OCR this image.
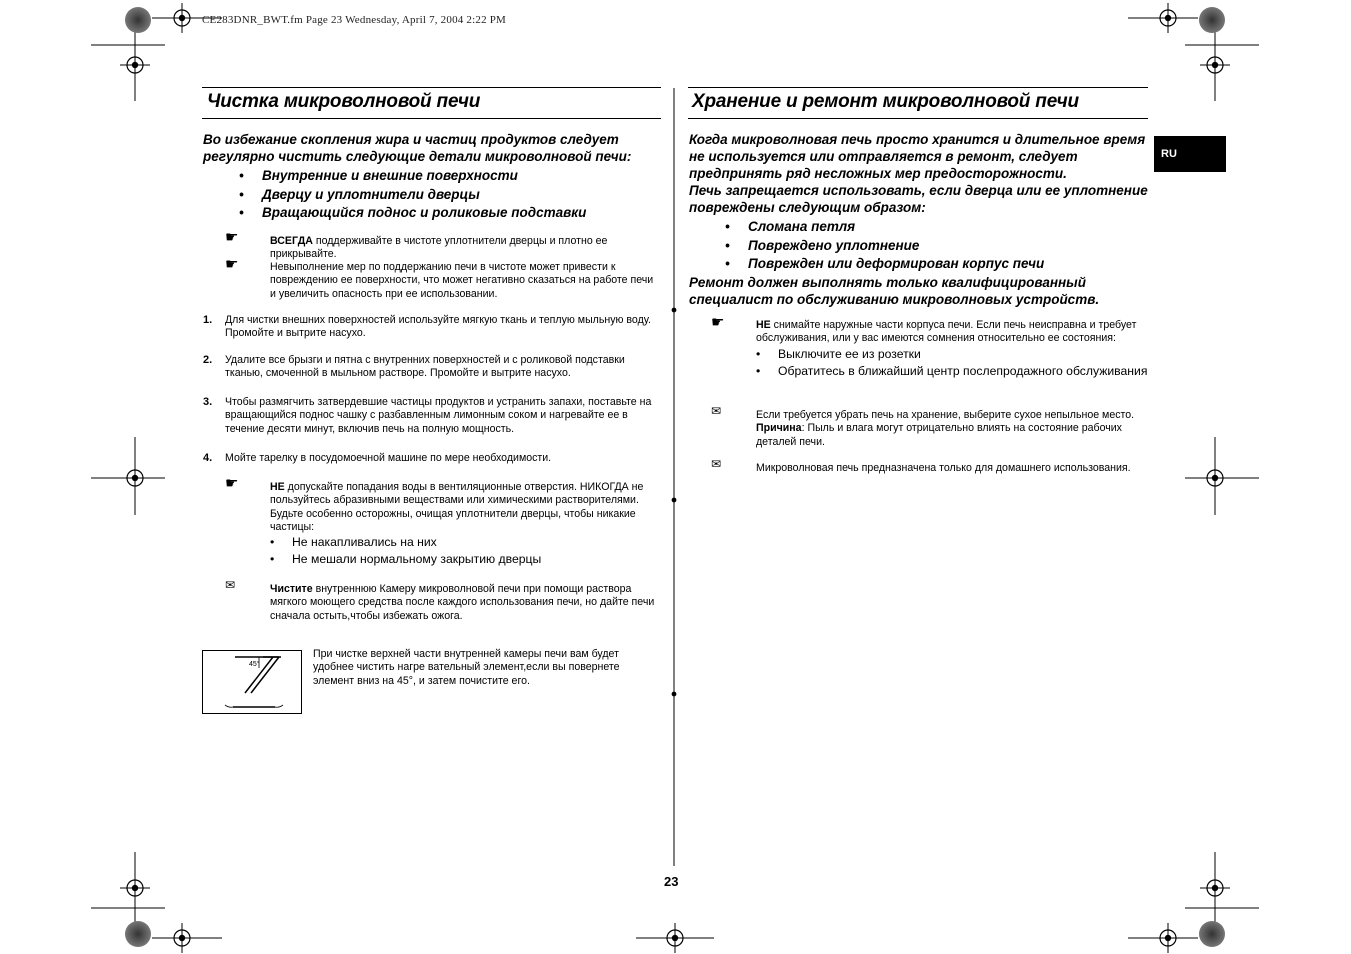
CE283DNR_BWT.fm Page 23 Wednesday, April 7, 2004 2:22 PM
Чистка микроволновой печи
Во избежание скопления жира и частиц продуктов следует регулярно чистить следующие детали микроволновой печи:
• Внутренние и внешние поверхности
• Дверцу и уплотнители дверцы
• Вращающийся поднос и роликовые подставки
☛	ВСЕГДА поддерживайте в чистоте уплотнители дверцы и плотно ее прикрывайте.
☛	Невыполнение мер по поддержанию печи в чистоте может привести к повреждению ее поверхности, что может негативно сказаться на работе печи и увеличить опасность при ее использовании.
1. Для чистки внешних поверхностей используйте мягкую ткань и теплую мыльную воду. Промойте и вытрите насухо.
2. Удалите все брызги и пятна с внутренних поверхностей и с роликовой подставки тканью, смоченной в мыльном растворе. Промойте и вытрите насухо.
3. Чтобы размягчить затвердевшие частицы продуктов и устранить запахи, поставьте на вращающийся поднос чашку с разбавленным лимонным соком и нагревайте ее в течение десяти минут, включив печь на полную мощность.
4. Мойте тарелку в посудомоечной машине по мере необходимости.
☛	НЕ допускайте попадания воды в вентиляционные отверстия. НИКОГДА не пользуйтесь абразивными веществами или химическими растворителями. Будьте особенно осторожны, очищая уплотнители дверцы, чтобы никакие частицы:
• Не накапливались на них
• Не мешали нормальному закрытию дверцы
✉	Чистите внутреннюю Камеру микроволновой печи при помощи раствора мягкого моющего средства после каждого использования печи, но дайте печи сначала остыть,чтобы избежать ожога.
45°
При чистке верхней части внутренней камеры печи вам будет удобнее чистить нагре вательный элемент,если вы повернете элемент вниз на 45°, и затем почистите его.
Хранение и ремонт микроволновой печи
RU
Когда микроволновая печь просто хранится и длительное время не используется или отправляется в ремонт, следует предпринять ряд несложных мер предосторожности.
Печь запрещается использовать, если дверца или ее уплотнение повреждены следующим образом:
• Сломана петля
• Повреждено уплотнение
• Поврежден или деформирован корпус печи
Ремонт должен выполнять только квалифицированный специалист по обслуживанию микроволновых устройств.
☛	НЕ снимайте наружные части корпуса печи. Если печь неисправна и требует обслуживания, или у вас имеются сомнения относительно ее состояния:
• Выключите ее из розетки
• Обратитесь в ближайший центр послепродажного обслуживания
✉	Если требуется убрать печь на хранение, выберите сухое непыльное место.
Причина: Пыль и влага могут отрицательно влиять на состояние рабочих деталей печи.
✉	Микроволновая печь предназначена только для домашнего использования.
23
